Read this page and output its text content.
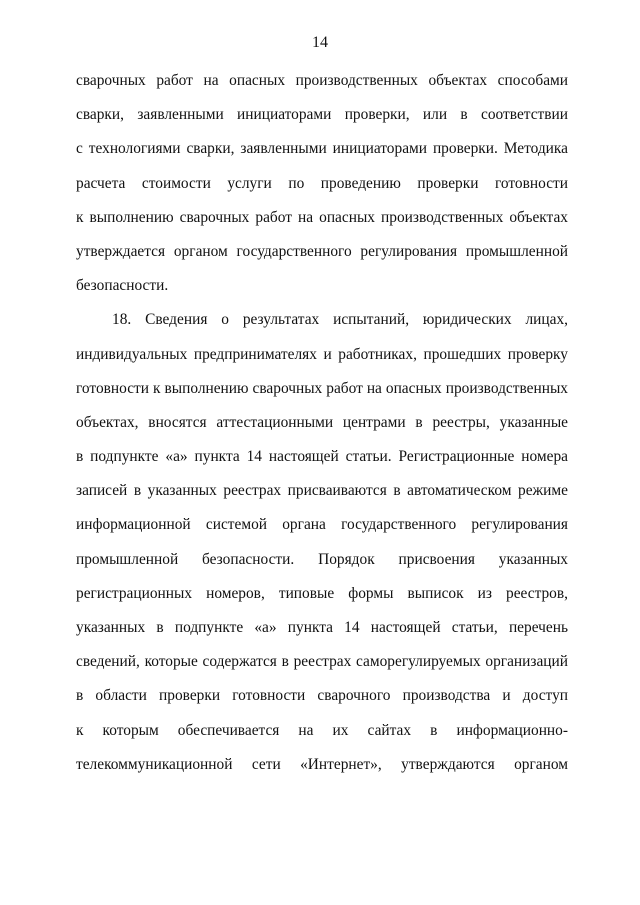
14
сварочных работ на опасных производственных объектах способами
сварки, заявленными инициаторами проверки, или в соответствии
с технологиями сварки, заявленными инициаторами проверки. Методика
расчета стоимости услуги по проведению проверки готовности
к выполнению сварочных работ на опасных производственных объектах
утверждается органом государственного регулирования промышленной
безопасности.
18. Сведения о результатах испытаний, юридических лицах,
индивидуальных предпринимателях и работниках, прошедших проверку
готовности к выполнению сварочных работ на опасных производственных
объектах, вносятся аттестационными центрами в реестры, указанные
в подпункте «а» пункта 14 настоящей статьи. Регистрационные номера
записей в указанных реестрах присваиваются в автоматическом режиме
информационной системой органа государственного регулирования
промышленной безопасности. Порядок присвоения указанных
регистрационных номеров, типовые формы выписок из реестров,
указанных в подпункте «а» пункта 14 настоящей статьи, перечень
сведений, которые содержатся в реестрах саморегулируемых организаций
в области проверки готовности сварочного производства и доступ
к которым обеспечивается на их сайтах в информационно-
телекоммуникационной сети «Интернет», утверждаются органом
